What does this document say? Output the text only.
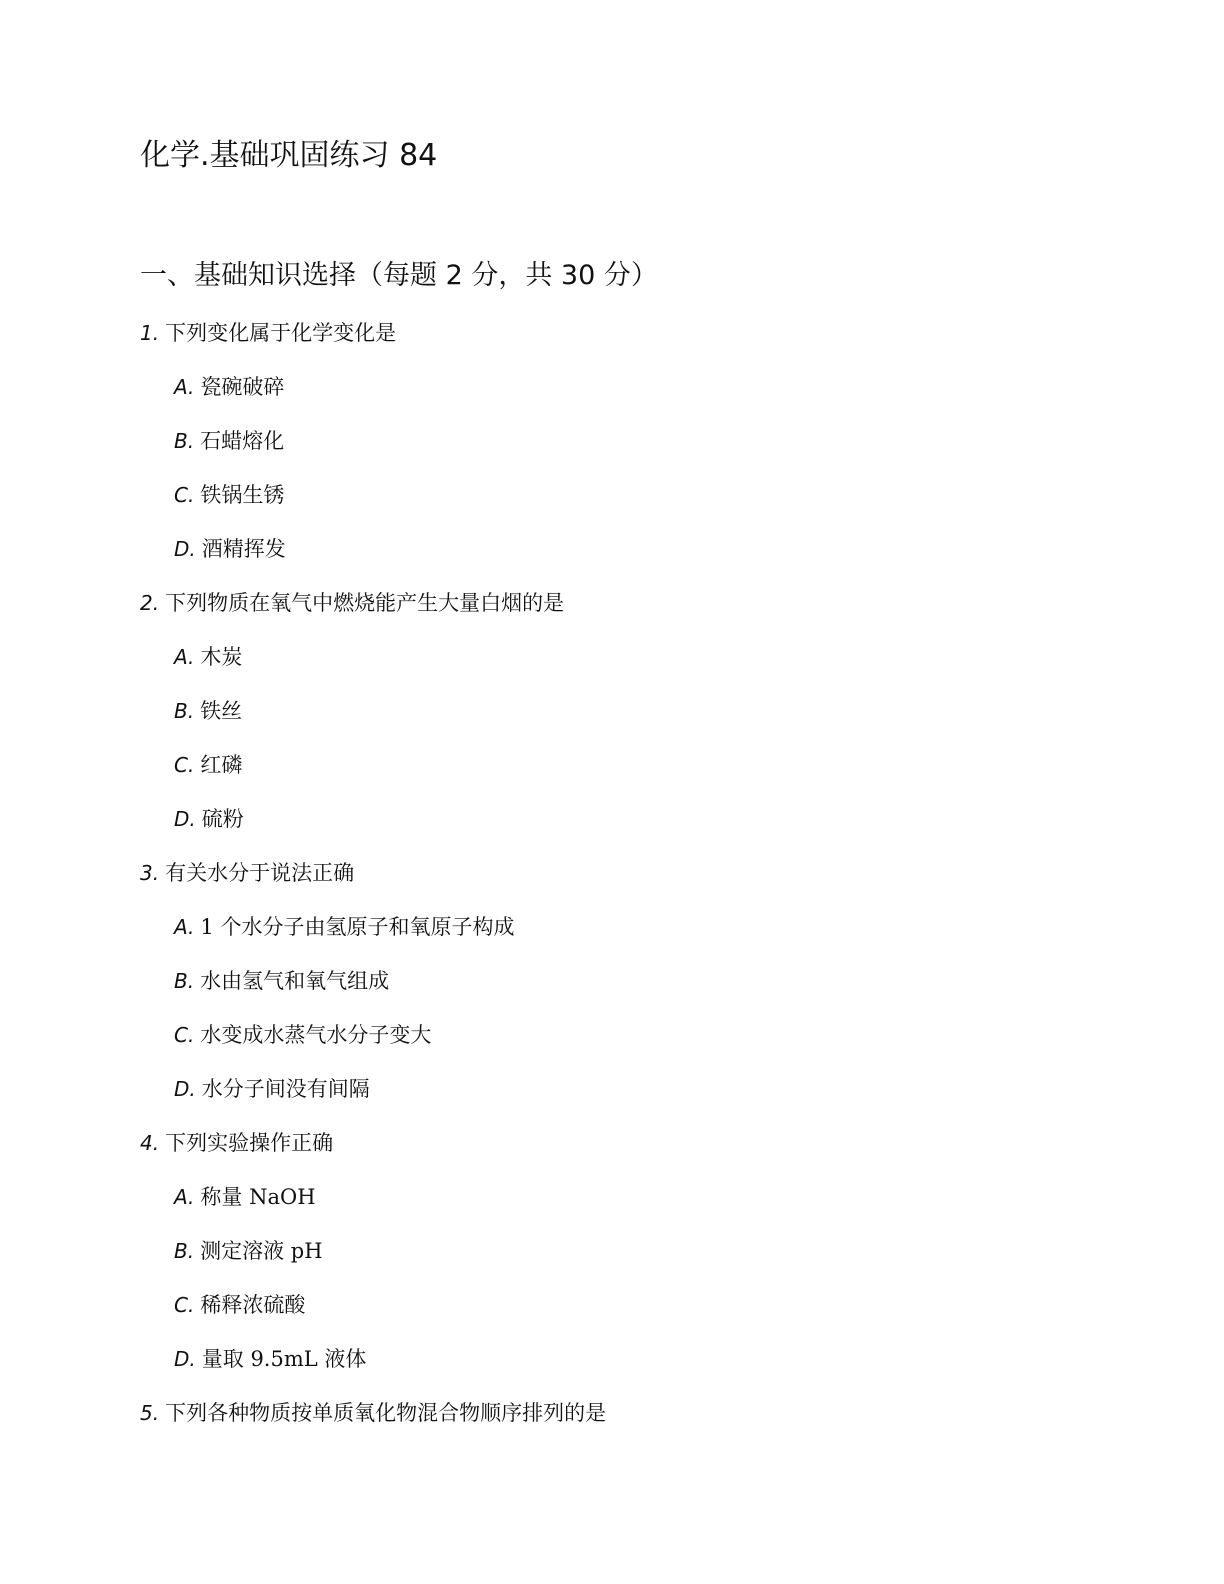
化学.基础巩固练习 84
一、基础知识选择（每题 2 分，共 30 分）
1. 下列变化属于化学变化是
A. 瓷碗破碎
B. 石蜡熔化
C. 铁锅生锈
D. 酒精挥发
2. 下列物质在氧气中燃烧能产生大量白烟的是
A. 木炭
B. 铁丝
C. 红磷
D. 硫粉
3. 有关水分于说法正确
A. 1 个水分子由氢原子和氧原子构成
B. 水由氢气和氧气组成
C. 水变成水蒸气水分子变大
D. 水分子间没有间隔
4. 下列实验操作正确
A. 称量 NaOH
B. 测定溶液 pH
C. 稀释浓硫酸
D. 量取 9.5mL 液体
5. 下列各种物质按单质氧化物混合物顺序排列的是
